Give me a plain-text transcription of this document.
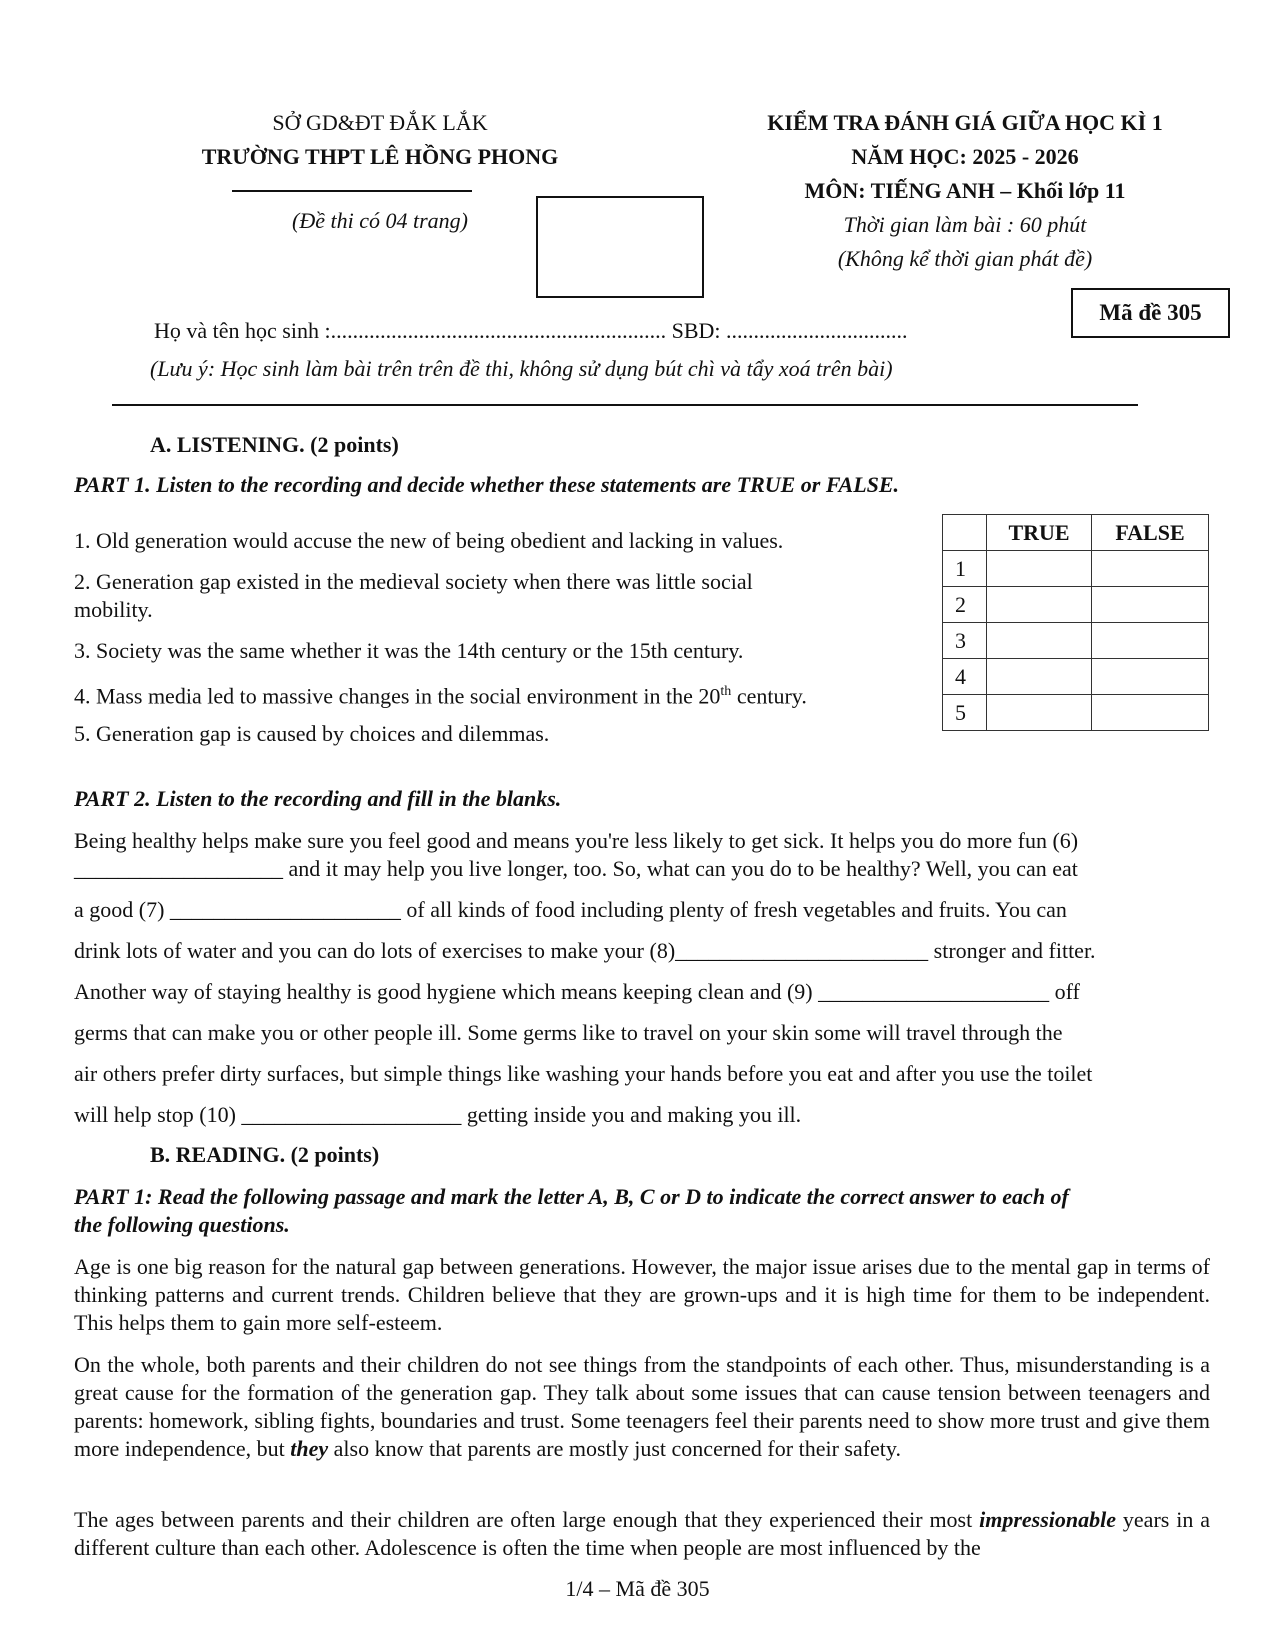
SỞ GD&ĐT ĐẮK LẮK
TRƯỜNG THPT LÊ HỒNG PHONG
(Đề thi có 04 trang)
KIỂM TRA ĐÁNH GIÁ GIỮA HỌC KÌ 1
NĂM HỌC: 2025 - 2026
MÔN: TIẾNG ANH – Khối lớp 11
Thời gian làm bài : 60 phút
(Không kể thời gian phát đề)
Mã đề 305
Họ và tên học sinh :............................................................. SBD: .................................
(Lưu ý: Học sinh làm bài trên trên đề thi, không sử dụng bút chì và tẩy xoá trên bài)
A. LISTENING. (2 points)
PART 1. Listen to the recording and decide whether these statements are TRUE or FALSE.
1. Old generation would accuse the new of being obedient and lacking in values.
2. Generation gap existed in the medieval society when there was little social
mobility.
3. Society was the same whether it was the 14th century or the 15th century.
4. Mass media led to massive changes in the social environment in the 20th century.
5. Generation gap is caused by choices and dilemmas.
	TRUE	FALSE
1		
2		
3		
4		
5		
PART 2. Listen to the recording and fill in the blanks.
Being healthy helps make sure you feel good and means you're less likely to get sick. It helps you do more fun (6)
___________________ and it may help you live longer, too. So, what can you do to be healthy? Well, you can eat
a good (7) _____________________ of all kinds of food including plenty of fresh vegetables and fruits. You can
drink lots of water and you can do lots of exercises to make your (8)_______________________ stronger and fitter.
Another way of staying healthy is good hygiene which means keeping clean and (9) _____________________ off
germs that can make you or other people ill. Some germs like to travel on your skin some will travel through the
air others prefer dirty surfaces, but simple things like washing your hands before you eat and after you use the toilet
will help stop (10) ____________________ getting inside you and making you ill.
B. READING. (2 points)
PART 1: Read the following passage and mark the letter A, B, C or D to indicate the correct answer to each of
the following questions.
Age is one big reason for the natural gap between generations. However, the major issue arises due to the mental gap in terms of thinking patterns and current trends. Children believe that they are grown-ups and it is high time for them to be independent. This helps them to gain more self-esteem.
On the whole, both parents and their children do not see things from the standpoints of each other. Thus, misunderstanding is a great cause for the formation of the generation gap. They talk about some issues that can cause tension between teenagers and parents: homework, sibling fights, boundaries and trust. Some teenagers feel their parents need to show more trust and give them more independence, but they also know that parents are mostly just concerned for their safety.
The ages between parents and their children are often large enough that they experienced their most impressionable years in a different culture than each other. Adolescence is often the time when people are most influenced by the
1/4 – Mã đề 305
